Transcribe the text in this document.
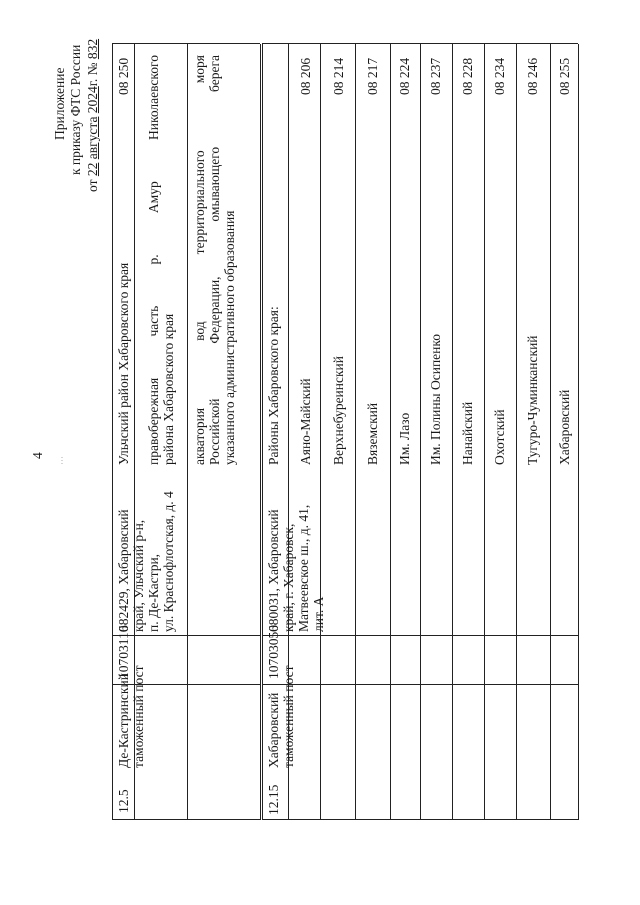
4
˙˙˙
Приложение к приказу ФТС России
от 22 августа 2024г. № 832
12.5
Де-Кастринский таможенный пост
10703110
682429, Хабаровский край, Ульчский р-н, п. Де-Кастри, ул. Краснофлотская, д. 4
Ульчский район Хабаровского края правобережная часть р. Амур Николаевского района Хабаровского края акватория вод территориального моря Российской Федерации, омывающего берега указанного административного образования
08 250
12.15
Хабаровский таможенный пост
10703050
680031, Хабаровский край, г. Хабаровск, Матвеевское ш., д. 41, лит. А
Районы Хабаровского края: Аяно-Майский
08 206
Верхнебуреинский
08 214
Вяземский
08 217
Им. Лазо
08 224
Им. Полины Осипенко
08 237
Нанайский
08 228
Охотский
08 234
Тугуро-Чуминканский
08 246
Хабаровский
08 255
